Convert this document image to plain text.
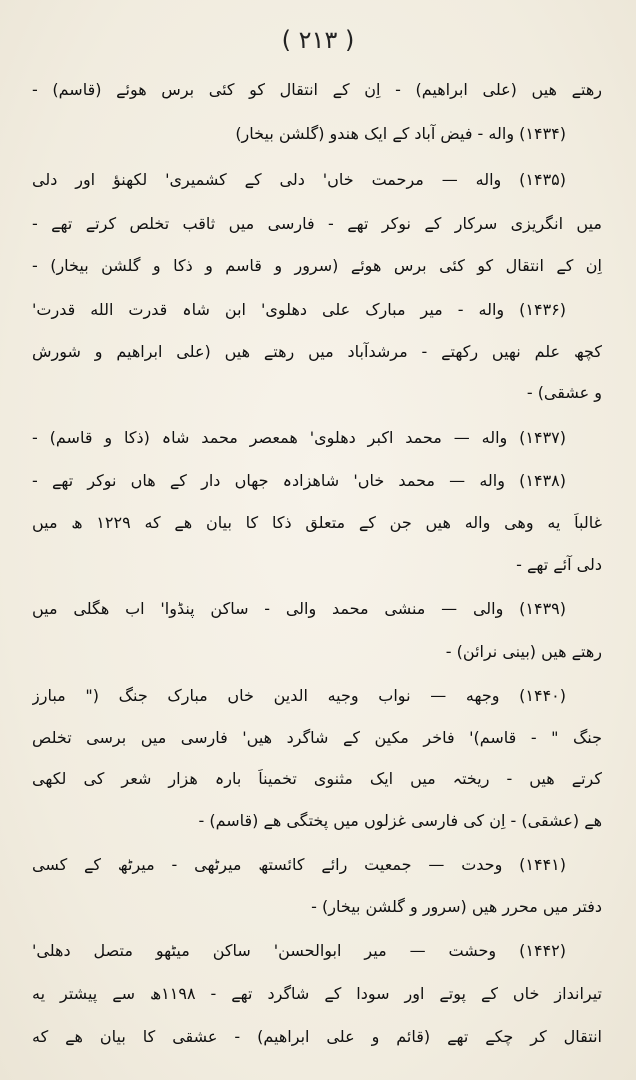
( ۲۱۳ )
رهتے هیں (علی ابراهیم) - اِن کے انتقال کو کئی برس هوئے (قاسم) -
(۱۴۳۴) واله - فیض آباد کے ایک هندو (گلشن بیخار)
(۱۴۳۵) واله — مرحمت خاں' دلی کے کشمیری' لکھنؤ اور دلی
میں انگریزی سرکار کے نوکر تھے - فارسی میں ثاقب تخلص کرتے تھے -
اِن کے انتقال کو کئی برس هوئے (سرور و قاسم و ذکا و گلشن بیخار) -
(۱۴۳۶) واله - میر مبارک علی دهلوی' ابن شاہ قدرت الله قدرت'
کچھ علم نهیں رکھتے - مرشدآباد میں رهتے هیں (علی ابراهیم و شورش
و عشقی) -
(۱۴۳۷) واله — محمد اکبر دهلوی' همعصر محمد شاہ (ذکا و قاسم) -
(۱۴۳۸) واله — محمد خاں' شاهزادہ جهاں دار کے هاں نوکر تھے -
غالباً یه وهی واله هیں جن کے متعلق ذکا کا بیان هے که ۱۲۲۹ ھ میں
دلی آئے تھے -
(۱۴۳۹) والی — منشی محمد والی - ساکن پنڈوا' اب هگلی میں
رهتے هیں (بینی نرائن) -
(۱۴۴۰) وجهه — نواب وجیه الدین خاں مبارک جنگ (" مبارز
جنگ " - قاسم)' فاخر مکین کے شاگرد هیں' فارسی میں برسی تخلص
کرتے هیں - ریختہ میں ایک مثنوی تخمیناً بارہ هزار شعر کی لکھی
هے (عشقی) - اِن کی فارسی غزلوں میں پختگی هے (قاسم) -
(۱۴۴۱) وحدت — جمعیت رائے کائستھ میرٹھی - میرٹھ کے کسی
دفتر میں محرر هیں (سرور و گلشن بیخار) -
(۱۴۴۲) وحشت — میر ابوالحسن' ساکن میٹھو متصل دهلی'
تیرانداز خاں کے پوتے اور سودا کے شاگرد تھے - ۱۱۹۸ھ سے پیشتر یه
انتقال کر چکے تھے (قائم و علی ابراهیم) - عشقی کا بیان هے که
